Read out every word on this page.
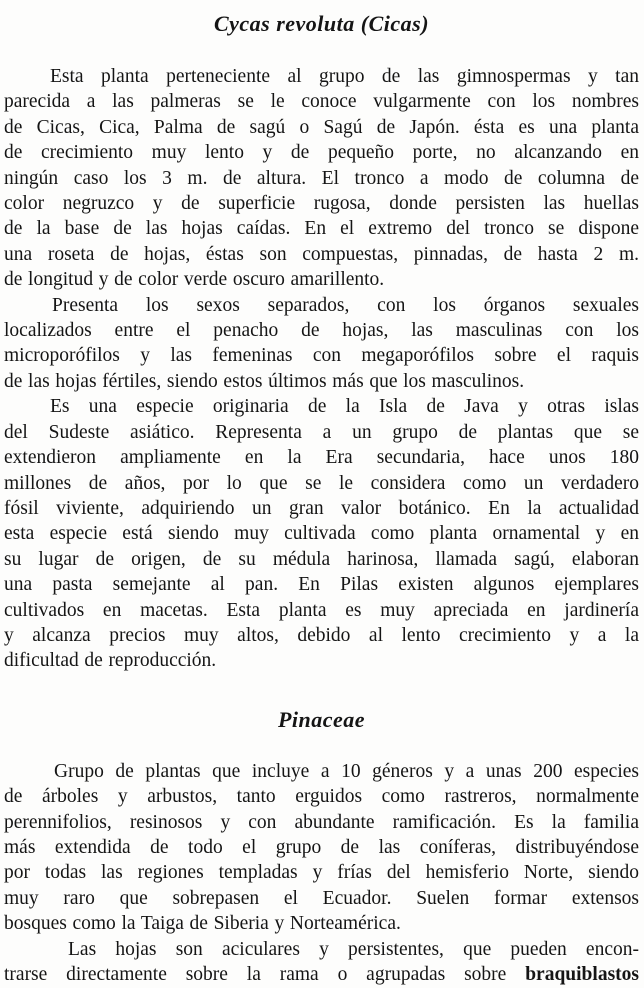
Cycas revoluta (Cicas)
Esta planta perteneciente al grupo de las gimnospermas y tan
parecida a las palmeras se le conoce vulgarmente con los nombres
de Cicas, Cica, Palma de sagú o Sagú de Japón. ésta es una planta
de crecimiento muy lento y de pequeño porte, no alcanzando en
ningún caso los 3 m. de altura. El tronco a modo de columna de
color negruzco y de superficie rugosa, donde persisten las huellas
de la base de las hojas caídas. En el extremo del tronco se dispone
una roseta de hojas, éstas son compuestas, pinnadas, de hasta 2 m.
de longitud y de color verde oscuro amarillento.
Presenta los sexos separados, con los órganos sexuales
localizados entre el penacho de hojas, las masculinas con los
microporófilos y las femeninas con megaporófilos sobre el raquis
de las hojas fértiles, siendo estos últimos más que los masculinos.
Es una especie originaria de la Isla de Java y otras islas
del Sudeste asiático. Representa a un grupo de plantas que se
extendieron ampliamente en la Era secundaria, hace unos 180
millones de años, por lo que se le considera como un verdadero
fósil viviente, adquiriendo un gran valor botánico. En la actualidad
esta especie está siendo muy cultivada como planta ornamental y en
su lugar de origen, de su médula harinosa, llamada sagú, elaboran
una pasta semejante al pan. En Pilas existen algunos ejemplares
cultivados en macetas. Esta planta es muy apreciada en jardinería
y alcanza precios muy altos, debido al lento crecimiento y a la
dificultad de reproducción.
Pinaceae
Grupo de plantas que incluye a 10 géneros y a unas 200 especies
de árboles y arbustos, tanto erguidos como rastreros, normalmente
perennifolios, resinosos y con abundante ramificación. Es la familia
más extendida de todo el grupo de las coníferas, distribuyéndose
por todas las regiones templadas y frías del hemisferio Norte, siendo
muy raro que sobrepasen el Ecuador. Suelen formar extensos
bosques como la Taiga de Siberia y Norteamérica.
Las hojas son aciculares y persistentes, que pueden encon-
trarse directamente sobre la rama o agrupadas sobre braquiblastos
